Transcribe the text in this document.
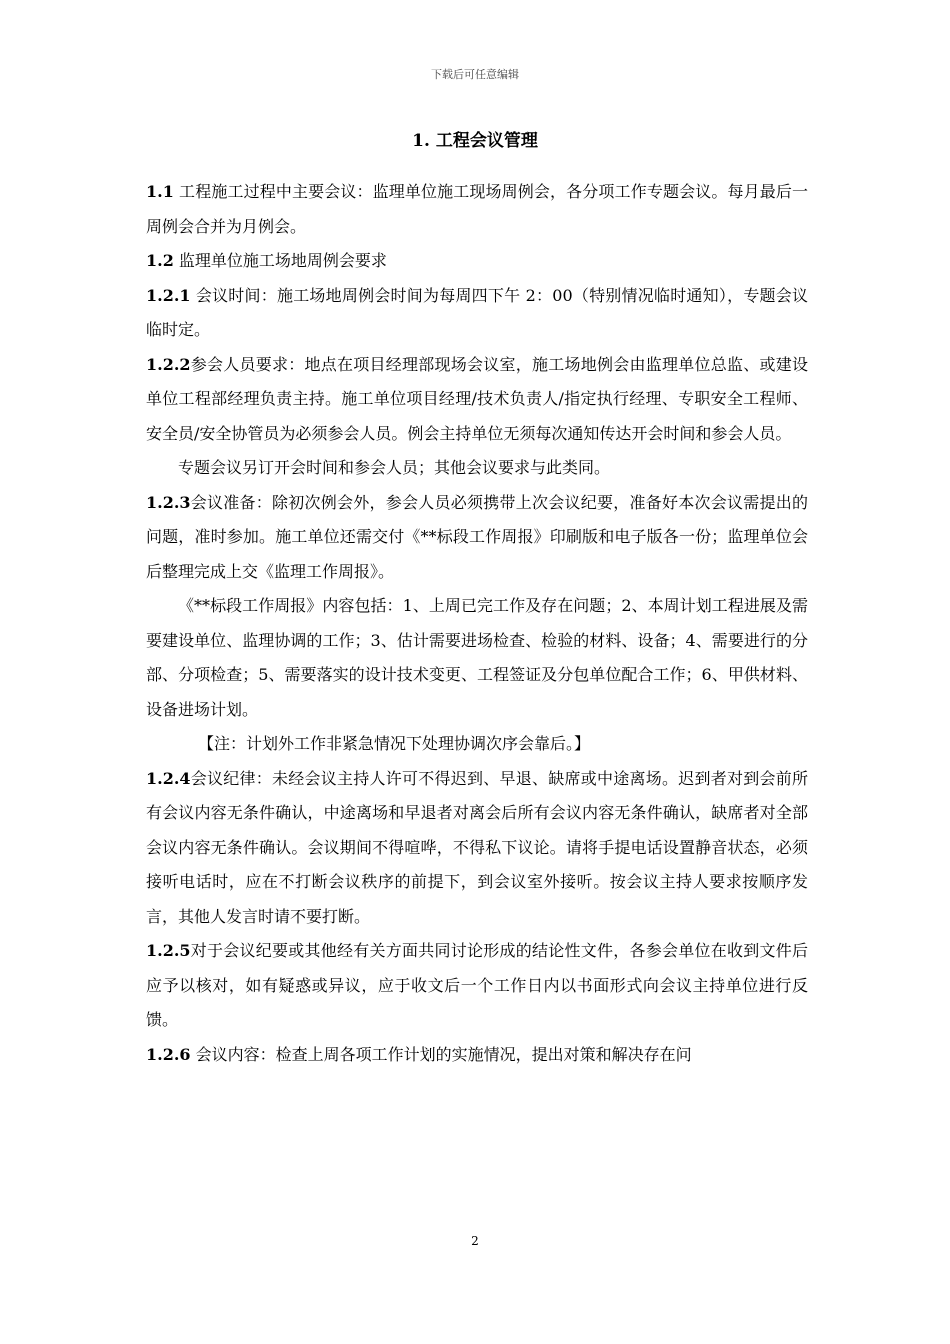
下载后可任意编辑
1. 工程会议管理

1.1 工程施工过程中主要会议：监理单位施工现场周例会，各分项工作专题会议。每月最后一周例会合并为月例会。

1.2 监理单位施工场地周例会要求

1.2.1 会议时间：施工场地周例会时间为每周四下午 2：00（特别情况临时通知），专题会议临时定。

1.2.2参会人员要求：地点在项目经理部现场会议室，施工场地例会由监理单位总监、或建设单位工程部经理负责主持。施工单位项目经理/技术负责人/指定执行经理、专职安全工程师、安全员/安全协管员为必须参会人员。例会主持单位无须每次通知传达开会时间和参会人员。

专题会议另订开会时间和参会人员；其他会议要求与此类同。

1.2.3会议准备：除初次例会外，参会人员必须携带上次会议纪要，准备好本次会议需提出的问题，准时参加。施工单位还需交付《**标段工作周报》印刷版和电子版各一份；监理单位会后整理完成上交《监理工作周报》。

《**标段工作周报》内容包括：1、上周已完工作及存在问题；2、本周计划工程进展及需要建设单位、监理协调的工作；3、估计需要进场检查、检验的材料、设备；4、需要进行的分部、分项检查；5、需要落实的设计技术变更、工程签证及分包单位配合工作；6、甲供材料、设备进场计划。

【注：计划外工作非紧急情况下处理协调次序会靠后。】

1.2.4会议纪律：未经会议主持人许可不得迟到、早退、缺席或中途离场。迟到者对到会前所有会议内容无条件确认，中途离场和早退者对离会后所有会议内容无条件确认，缺席者对全部会议内容无条件确认。会议期间不得喧哗，不得私下议论。请将手提电话设置静音状态，必须接听电话时，应在不打断会议秩序的前提下，到会议室外接听。按会议主持人要求按顺序发言，其他人发言时请不要打断。

1.2.5对于会议纪要或其他经有关方面共同讨论形成的结论性文件，各参会单位在收到文件后应予以核对，如有疑惑或异议，应于收文后一个工作日内以书面形式向会议主持单位进行反馈。

1.2.6 会议内容：检查上周各项工作计划的实施情况，提出对策和解决存在问

2
